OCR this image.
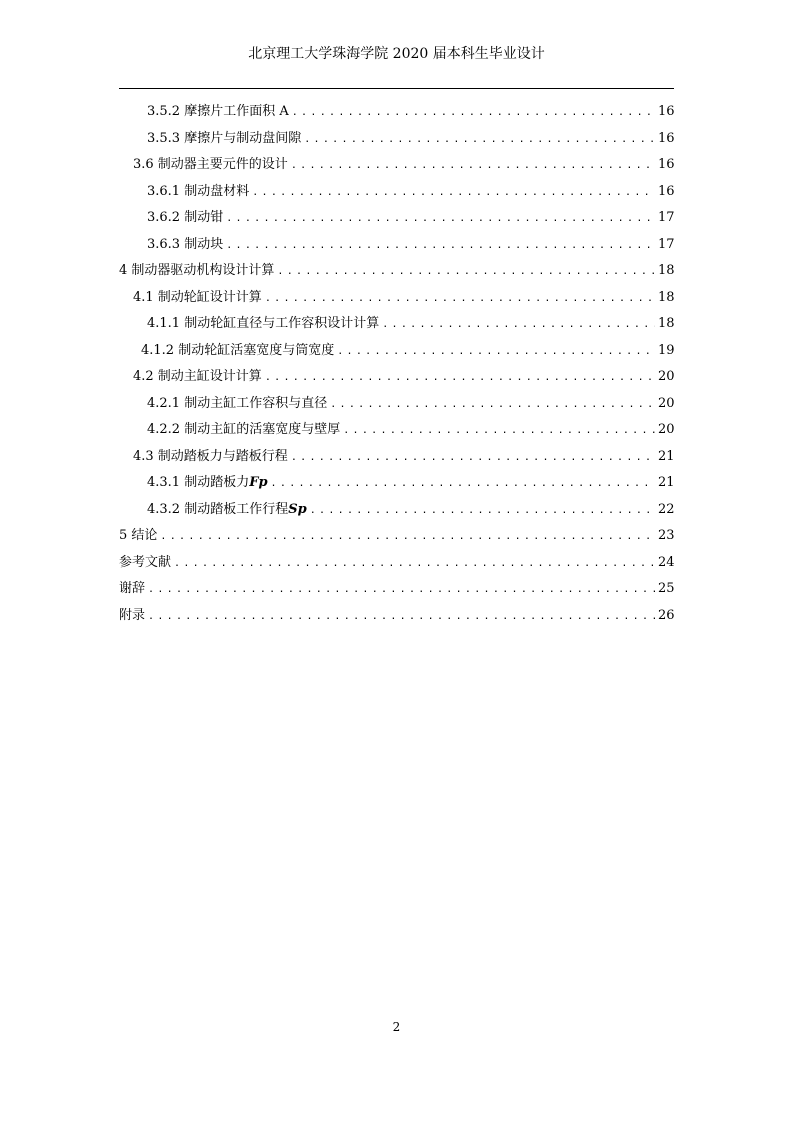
北京理工大学珠海学院 2020 届本科生毕业设计
3.5.2 摩擦片工作面积 A .....	16
3.5.3 摩擦片与制动盘间隙 .....	16
3.6 制动器主要元件的设计 .....	16
3.6.1 制动盘材料 .....	16
3.6.2 制动钳 .....	17
3.6.3 制动块 .....	17
4 制动器驱动机构设计计算 .....	18
4.1 制动轮缸设计计算 .....	18
4.1.1 制动轮缸直径与工作容积设计计算 .....	18
4.1.2 制动轮缸活塞宽度与筒宽度 .....	19
4.2 制动主缸设计计算 .....	20
4.2.1 制动主缸工作容积与直径 .....	20
4.2.2 制动主缸的活塞宽度与壁厚 .....	20
4.3 制动踏板力与踏板行程 .....	21
4.3.1 制动踏板力Fp .....	21
4.3.2 制动踏板工作行程Sp .....	22
5 结论 .....	23
参考文献 .....	24
谢辞 .....	25
附录 .....	26
2
